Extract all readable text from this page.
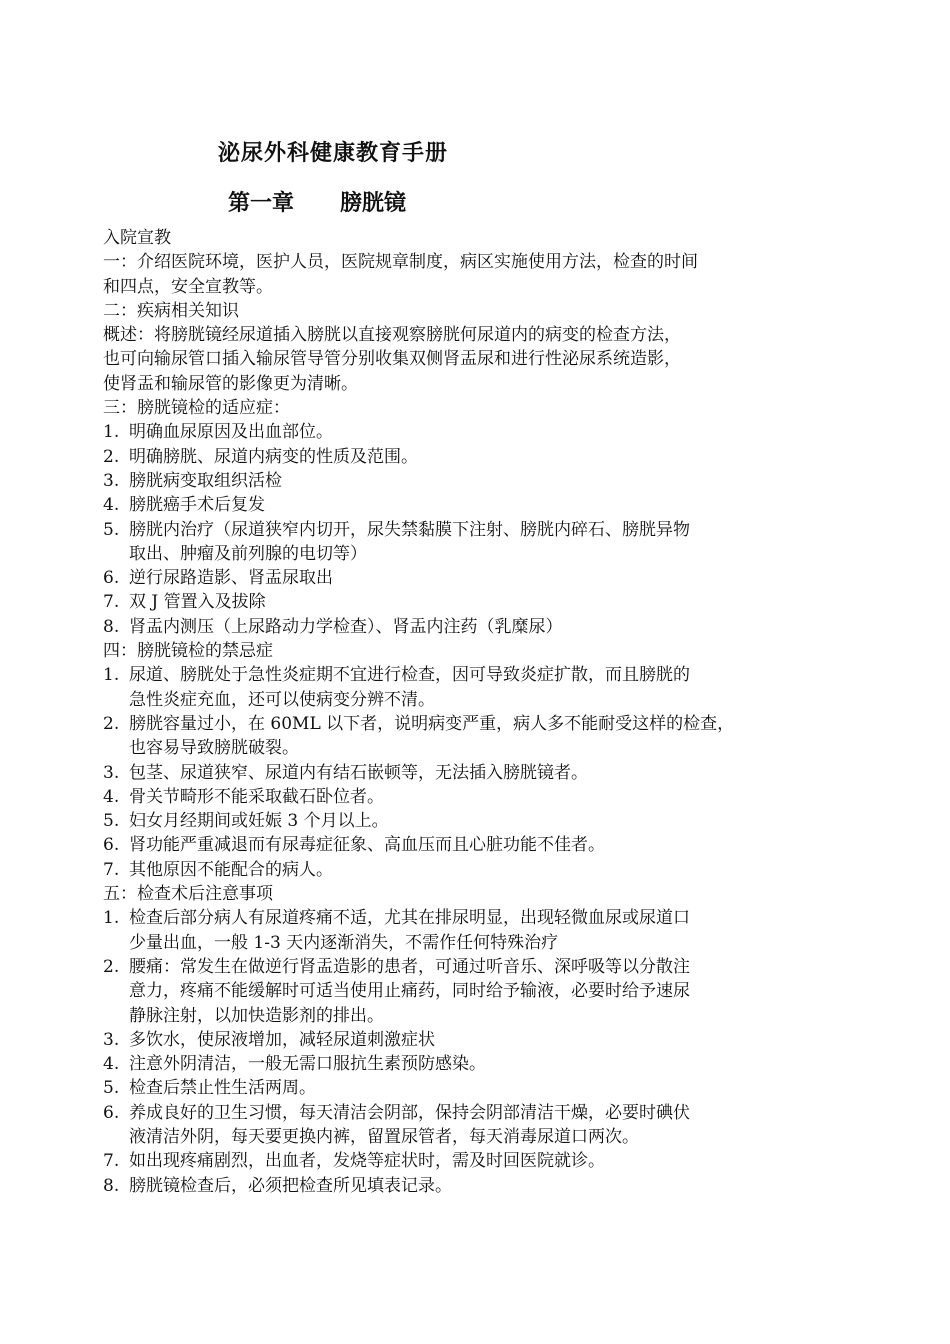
泌尿外科健康教育手册
第一章 膀胱镜
入院宣教
一：介绍医院环境，医护人员，医院规章制度，病区实施使用方法，检查的时间
和四点，安全宣教等。
二：疾病相关知识
概述：将膀胱镜经尿道插入膀胱以直接观察膀胱何尿道内的病变的检查方法，
也可向输尿管口插入输尿管导管分别收集双侧肾盂尿和进行性泌尿系统造影，
使肾盂和输尿管的影像更为清晰。
三：膀胱镜检的适应症：
1. 明确血尿原因及出血部位。
2. 明确膀胱、尿道内病变的性质及范围。
3. 膀胱病变取组织活检
4. 膀胱癌手术后复发
5. 膀胱内治疗（尿道狭窄内切开，尿失禁黏膜下注射、膀胱内碎石、膀胱异物
取出、肿瘤及前列腺的电切等）
6. 逆行尿路造影、肾盂尿取出
7. 双 J 管置入及拔除
8. 肾盂内测压（上尿路动力学检查）、肾盂内注药（乳糜尿）
四：膀胱镜检的禁忌症
1. 尿道、膀胱处于急性炎症期不宜进行检查，因可导致炎症扩散，而且膀胱的
急性炎症充血，还可以使病变分辨不清。
2. 膀胱容量过小，在 60ML 以下者，说明病变严重，病人多不能耐受这样的检查，
也容易导致膀胱破裂。
3. 包茎、尿道狭窄、尿道内有结石嵌顿等，无法插入膀胱镜者。
4. 骨关节畸形不能采取截石卧位者。
5. 妇女月经期间或妊娠 3 个月以上。
6. 肾功能严重减退而有尿毒症征象、高血压而且心脏功能不佳者。
7. 其他原因不能配合的病人。
五：检查术后注意事项
1. 检查后部分病人有尿道疼痛不适，尤其在排尿明显，出现轻微血尿或尿道口
少量出血，一般 1-3 天内逐渐消失，不需作任何特殊治疗
2. 腰痛：常发生在做逆行肾盂造影的患者，可通过听音乐、深呼吸等以分散注
意力，疼痛不能缓解时可适当使用止痛药，同时给予输液，必要时给予速尿
静脉注射，以加快造影剂的排出。
3. 多饮水，使尿液增加，减轻尿道刺激症状
4. 注意外阴清洁，一般无需口服抗生素预防感染。
5. 检查后禁止性生活两周。
6. 养成良好的卫生习惯，每天清洁会阴部，保持会阴部清洁干燥，必要时碘伏
液清洁外阴，每天要更换内裤，留置尿管者，每天消毒尿道口两次。
7. 如出现疼痛剧烈，出血者，发烧等症状时，需及时回医院就诊。
8. 膀胱镜检查后，必须把检查所见填表记录。
